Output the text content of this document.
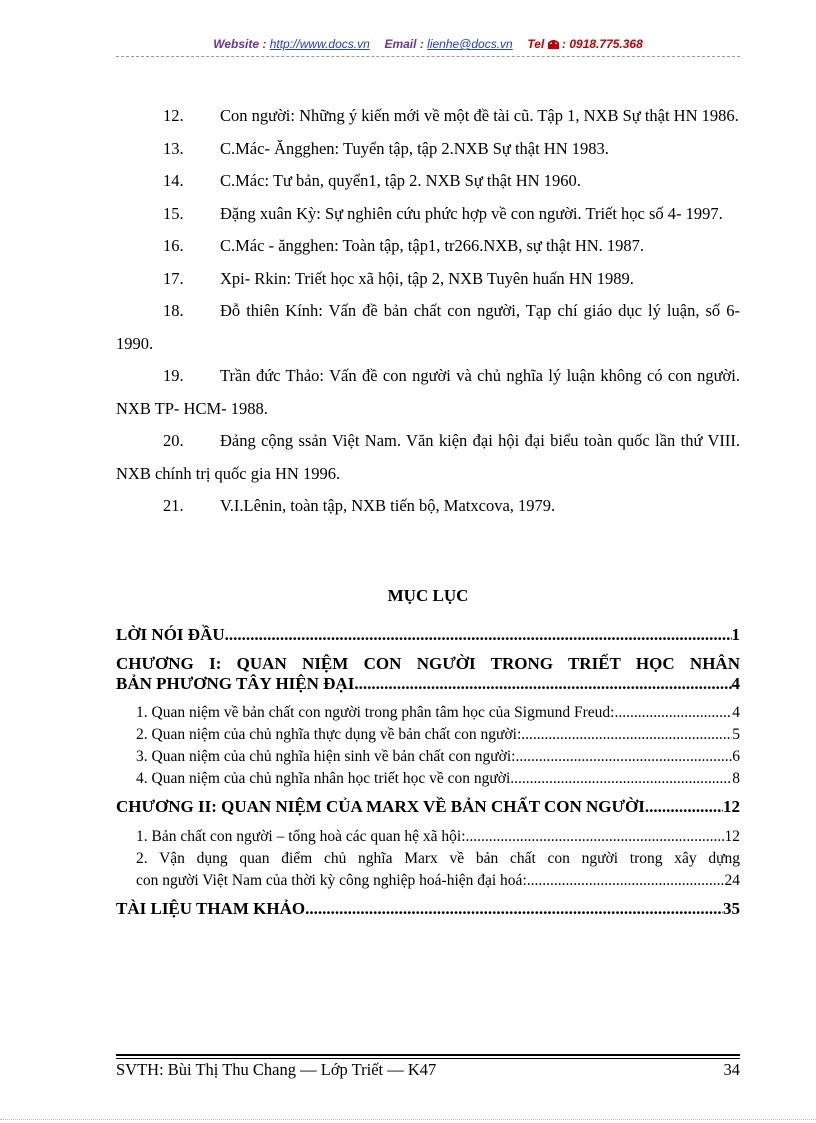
Website : http://www.docs.vn Email : lienhe@docs.vn Tel : 0918.775.368

12. Con người: Những ý kiến mới về một đề tài cũ. Tập 1, NXB Sự thật HN 1986.

13. C.Mác- Ăngghen: Tuyển tập, tập 2.NXB Sự thật HN 1983.

14. C.Mác: Tư bản, quyển1, tập 2. NXB Sự thật HN 1960.

15. Đặng xuân Kỳ: Sự nghiên cứu phức hợp về con người. Triết học số 4- 1997.

16. C.Mác - ăngghen: Toàn tập, tập1, tr266.NXB, sự thật HN. 1987.

17. Xpi- Rkin: Triết học xã hội, tập 2, NXB Tuyên huấn HN 1989.

18. Đỗ thiên Kính: Vấn đề bản chất con người, Tạp chí giáo dục lý luận, số 6- 1990.

19. Trần đức Thảo: Vấn đề con người và chủ nghĩa lý luận không có con người. NXB TP- HCM- 1988.

20. Đảng cộng ssản Việt Nam. Văn kiện đại hội đại biểu toàn quốc lần thứ VIII. NXB chính trị quốc gia HN 1996.

21. V.I.Lênin, toàn tập, NXB tiến bộ, Matxcova, 1979.

MỤC LỤC
LỜI NÓI ĐẦU .....	1
CHƯƠNG I: QUAN NIỆM CON NGƯỜI TRONG TRIẾT HỌC NHÂN
BẢN PHƯƠNG TÂY HIỆN ĐẠI .....	4
1. Quan niệm về bản chất con người trong phân tâm học của Sigmund Freud: .....	4
2. Quan niệm của chủ nghĩa thực dụng về bản chất con người: .....	5
3. Quan niệm của chủ nghĩa hiện sinh về bản chất con người: .....	6
4. Quan niệm của chủ nghĩa nhân học triết học về con người. .....	8
CHƯƠNG II: QUAN NIỆM CỦA MARX VỀ BẢN CHẤT CON NGƯỜI .....	12
1. Bản chất con người – tổng hoà các quan hệ xã hội: .....	12
2. Vận dụng quan điểm chủ nghĩa Marx về bản chất con người trong xây dựng
con người Việt Nam của thời kỳ công nghiệp hoá-hiện đại hoá: .....	24
TÀI LIỆU THAM KHẢO .....	35
SVTH: Bùi Thị Thu Chang — Lớp Triết — K47	34
